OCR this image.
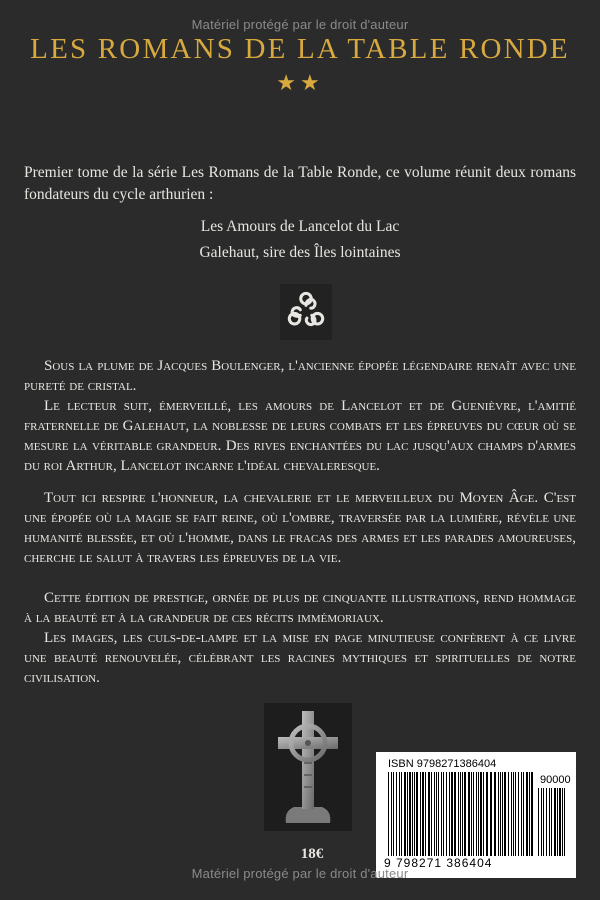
Matériel protégé par le droit d'auteur
LES ROMANS DE LA TABLE RONDE
★★
Premier tome de la série Les Romans de la Table Ronde, ce volume réunit deux romans fondateurs du cycle arthurien :
Les Amours de Lancelot du Lac
Galehaut, sire des Îles lointaines

Sous la plume de Jacques Boulenger, l'ancienne épopée légendaire renaît avec une pureté de cristal.

Le lecteur suit, émerveillé, les amours de Lancelot et de Guenièvre, l'amitié fraternelle de Galehaut, la noblesse de leurs combats et les épreuves du cœur où se mesure la véritable grandeur. Des rives enchantées du lac jusqu'aux champs d'armes du roi Arthur, Lancelot incarne l'idéal chevaleresque.

Tout ici respire l'honneur, la chevalerie et le merveilleux du Moyen Âge. C'est une épopée où la magie se fait reine, où l'ombre, traversée par la lumière, révèle une humanité blessée, et où l'homme, dans le fracas des armes et les parades amoureuses, cherche le salut à travers les épreuves de la vie.

Cette édition de prestige, ornée de plus de cinquante illustrations, rend hommage à la beauté et à la grandeur de ces récits immémoriaux.

Les images, les culs-de-lampe et la mise en page minutieuse confèrent à ce livre une beauté renouvelée, célébrant les racines mythiques et spirituelles de notre civilisation.

18€
ISBN 9798271386404
90000
9 798271 386404
Matériel protégé par le droit d'auteur
